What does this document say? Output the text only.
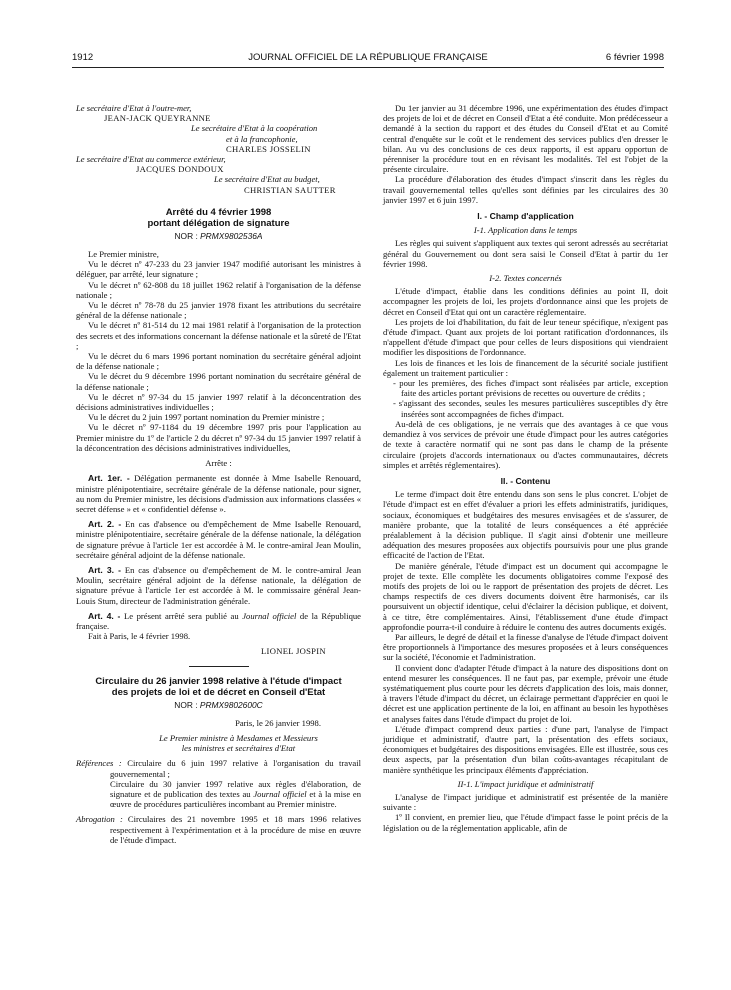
1912	JOURNAL OFFICIEL DE LA RÉPUBLIQUE FRANÇAISE	6 février 1998

Le secrétaire d'Etat à l'outre-mer,

JEAN-JACK QUEYRANNE

Le secrétaire d'Etat à la coopération

et à la francophonie,

CHARLES JOSSELIN

Le secrétaire d'Etat au commerce extérieur,

JACQUES DONDOUX

Le secrétaire d'Etat au budget,

CHRISTIAN SAUTTER

Arrêté du 4 février 1998
portant délégation de signature
NOR : PRMX9802536A

Le Premier ministre,

Vu le décret nº 47-233 du 23 janvier 1947 modifié autorisant les ministres à déléguer, par arrêté, leur signature ;

Vu le décret nº 62-808 du 18 juillet 1962 relatif à l'organisation de la défense nationale ;

Vu le décret nº 78-78 du 25 janvier 1978 fixant les attributions du secrétaire général de la défense nationale ;

Vu le décret nº 81-514 du 12 mai 1981 relatif à l'organisation de la protection des secrets et des informations concernant la défense nationale et la sûreté de l'Etat ;

Vu le décret du 6 mars 1996 portant nomination du secrétaire général adjoint de la défense nationale ;

Vu le décret du 9 décembre 1996 portant nomination du secrétaire général de la défense nationale ;

Vu le décret nº 97-34 du 15 janvier 1997 relatif à la déconcentration des décisions administratives individuelles ;

Vu le décret du 2 juin 1997 portant nomination du Premier ministre ;

Vu le décret nº 97-1184 du 19 décembre 1997 pris pour l'application au Premier ministre du 1º de l'article 2 du décret nº 97-34 du 15 janvier 1997 relatif à la déconcentration des décisions administratives individuelles,

Arrête :

Art. 1er. - Délégation permanente est donnée à Mme Isabelle Renouard, ministre plénipotentiaire, secrétaire générale de la défense nationale, pour signer, au nom du Premier ministre, les décisions d'admission aux informations classées « secret défense » et « confidentiel défense ».

Art. 2. - En cas d'absence ou d'empêchement de Mme Isabelle Renouard, ministre plénipotentiaire, secrétaire générale de la défense nationale, la délégation de signature prévue à l'article 1er est accordée à M. le contre-amiral Jean Moulin, secrétaire général adjoint de la défense nationale.

Art. 3. - En cas d'absence ou d'empêchement de M. le contre-amiral Jean Moulin, secrétaire général adjoint de la défense nationale, la délégation de signature prévue à l'article 1er est accordée à M. le commissaire général Jean-Louis Stum, directeur de l'administration générale.

Art. 4. - Le présent arrêté sera publié au Journal officiel de la République française.

Fait à Paris, le 4 février 1998.

LIONEL JOSPIN

Circulaire du 26 janvier 1998 relative à l'étude d'impact
des projets de loi et de décret en Conseil d'Etat
NOR : PRMX9802600C

Paris, le 26 janvier 1998.

Le Premier ministre à Mesdames et Messieurs

les ministres et secrétaires d'Etat

Références : Circulaire du 6 juin 1997 relative à l'organisation du travail gouvernemental ;

Circulaire du 30 janvier 1997 relative aux règles d'élaboration, de signature et de publication des textes au Journal officiel et à la mise en œuvre de procédures particulières incombant au Premier ministre.

Abrogation : Circulaires des 21 novembre 1995 et 18 mars 1996 relatives respectivement à l'expérimentation et à la procédure de mise en œuvre de l'étude d'impact.

Du 1er janvier au 31 décembre 1996, une expérimentation des études d'impact des projets de loi et de décret en Conseil d'Etat a été conduite. Mon prédécesseur a demandé à la section du rapport et des études du Conseil d'Etat et au Comité central d'enquête sur le coût et le rendement des services publics d'en dresser le bilan. Au vu des conclusions de ces deux rapports, il est apparu opportun de pérenniser la procédure tout en en révisant les modalités. Tel est l'objet de la présente circulaire.

La procédure d'élaboration des études d'impact s'inscrit dans les règles du travail gouvernemental telles qu'elles sont définies par les circulaires des 30 janvier 1997 et 6 juin 1997.

I. - Champ d'application

I-1. Application dans le temps

Les règles qui suivent s'appliquent aux textes qui seront adressés au secrétariat général du Gouvernement ou dont sera saisi le Conseil d'Etat à partir du 1er février 1998.

I-2. Textes concernés

L'étude d'impact, établie dans les conditions définies au point II, doit accompagner les projets de loi, les projets d'ordonnance ainsi que les projets de décret en Conseil d'Etat qui ont un caractère réglementaire.

Les projets de loi d'habilitation, du fait de leur teneur spécifique, n'exigent pas d'étude d'impact. Quant aux projets de loi portant ratification d'ordonnances, ils n'appellent d'étude d'impact que pour celles de leurs dispositions qui viendraient modifier les dispositions de l'ordonnance.

Les lois de finances et les lois de financement de la sécurité sociale justifient également un traitement particulier :

- pour les premières, des fiches d'impact sont réalisées par article, exception faite des articles portant prévisions de recettes ou ouverture de crédits ;

- s'agissant des secondes, seules les mesures particulières susceptibles d'y être insérées sont accompagnées de fiches d'impact.

Au-delà de ces obligations, je ne verrais que des avantages à ce que vous demandiez à vos services de prévoir une étude d'impact pour les autres catégories de texte à caractère normatif qui ne sont pas dans le champ de la présente circulaire (projets d'accords internationaux ou d'actes communautaires, décrets simples et arrêtés réglementaires).

II. - Contenu

Le terme d'impact doit être entendu dans son sens le plus concret. L'objet de l'étude d'impact est en effet d'évaluer a priori les effets administratifs, juridiques, sociaux, économiques et budgétaires des mesures envisagées et de s'assurer, de manière probante, que la totalité de leurs conséquences a été appréciée préalablement à la décision publique. Il s'agit ainsi d'obtenir une meilleure adéquation des mesures proposées aux objectifs poursuivis pour une plus grande efficacité de l'action de l'Etat.

De manière générale, l'étude d'impact est un document qui accompagne le projet de texte. Elle complète les documents obligatoires comme l'exposé des motifs des projets de loi ou le rapport de présentation des projets de décret. Les champs respectifs de ces divers documents doivent être harmonisés, car ils poursuivent un objectif identique, celui d'éclairer la décision publique, et doivent, à ce titre, être complémentaires. Ainsi, l'établissement d'une étude d'impact approfondie pourra-t-il conduire à réduire le contenu des autres documents exigés.

Par ailleurs, le degré de détail et la finesse d'analyse de l'étude d'impact doivent être proportionnels à l'importance des mesures proposées et à leurs conséquences sur la société, l'économie et l'administration.

Il convient donc d'adapter l'étude d'impact à la nature des dispositions dont on entend mesurer les conséquences. Il ne faut pas, par exemple, prévoir une étude systématiquement plus courte pour les décrets d'application des lois, mais donner, à travers l'étude d'impact du décret, un éclairage permettant d'apprécier en quoi le décret est une application pertinente de la loi, en affinant au besoin les hypothèses et analyses faites dans l'étude d'impact du projet de loi.

L'étude d'impact comprend deux parties : d'une part, l'analyse de l'impact juridique et administratif, d'autre part, la présentation des effets sociaux, économiques et budgétaires des dispositions envisagées. Elle est illustrée, sous ces deux aspects, par la présentation d'un bilan coûts-avantages récapitulant de manière synthétique les principaux éléments d'appréciation.

II-1. L'impact juridique et administratif

L'analyse de l'impact juridique et administratif est présentée de la manière suivante :

1º Il convient, en premier lieu, que l'étude d'impact fasse le point précis de la législation ou de la réglementation applicable, afin de
